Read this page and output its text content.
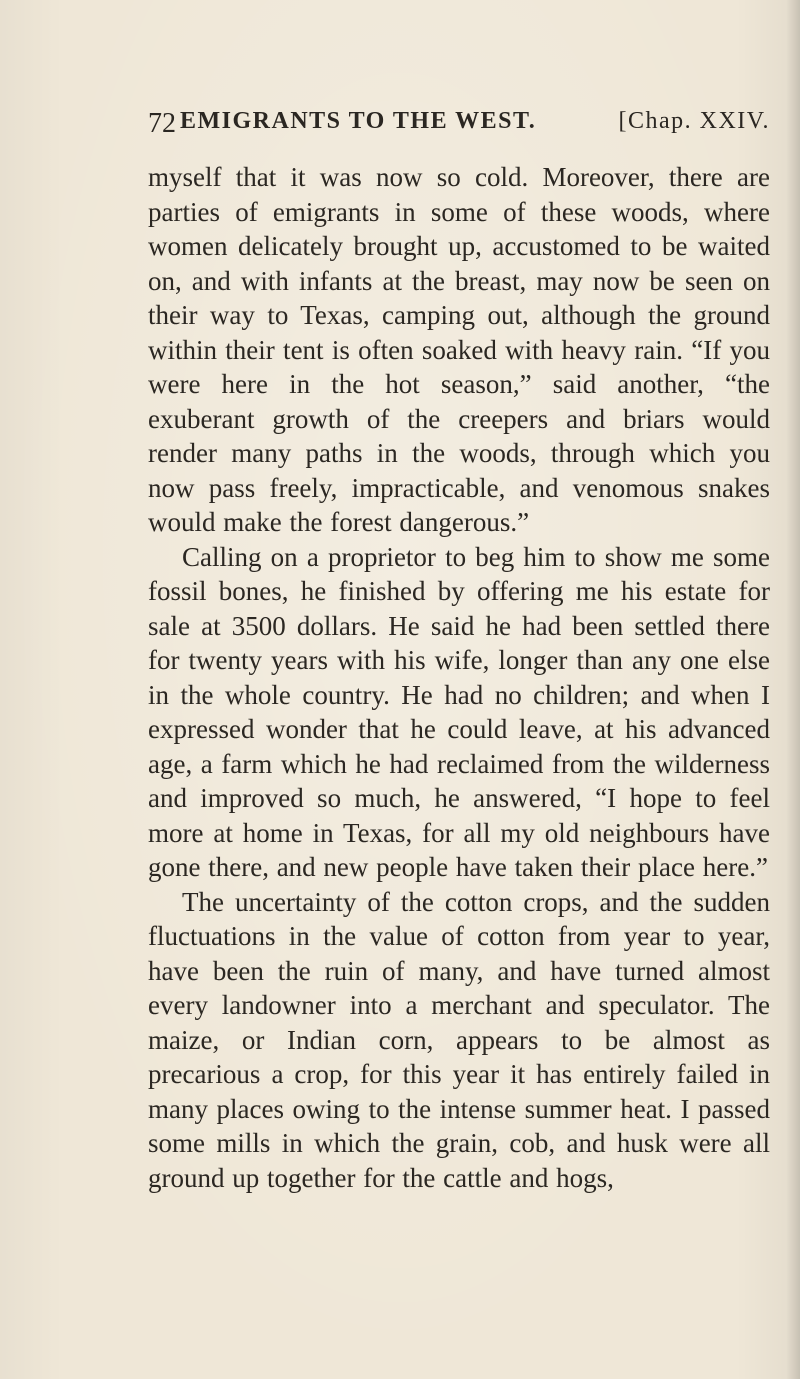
72 EMIGRANTS TO THE WEST.	[Chap. XXIV.

myself that it was now so cold. Moreover, there are parties of emigrants in some of these woods, where women delicately brought up, accustomed to be waited on, and with infants at the breast, may now be seen on their way to Texas, camping out, although the ground within their tent is often soaked with heavy rain. “If you were here in the hot season,” said another, “the exuberant growth of the creepers and briars would render many paths in the woods, through which you now pass freely, impracticable, and venomous snakes would make the forest dangerous.”

Calling on a proprietor to beg him to show me some fossil bones, he finished by offering me his estate for sale at 3500 dollars. He said he had been settled there for twenty years with his wife, longer than any one else in the whole country. He had no children; and when I expressed wonder that he could leave, at his advanced age, a farm which he had reclaimed from the wilderness and improved so much, he answered, “I hope to feel more at home in Texas, for all my old neighbours have gone there, and new people have taken their place here.”

The uncertainty of the cotton crops, and the sudden fluctuations in the value of cotton from year to year, have been the ruin of many, and have turned almost every landowner into a merchant and speculator. The maize, or Indian corn, appears to be almost as precarious a crop, for this year it has entirely failed in many places owing to the intense summer heat. I passed some mills in which the grain, cob, and husk were all ground up together for the cattle and hogs,
